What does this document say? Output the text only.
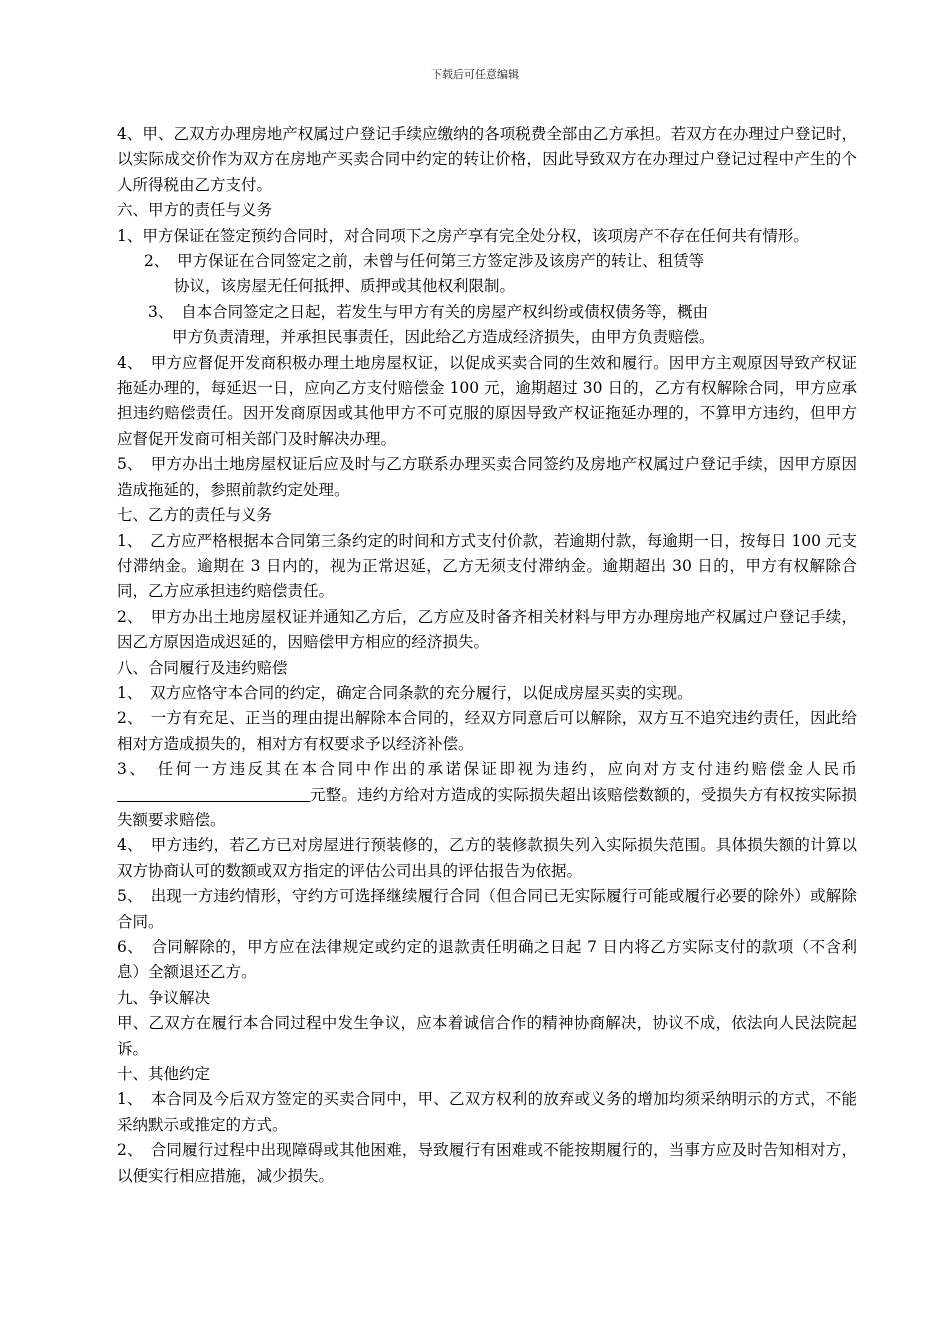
下载后可任意编辑

4、甲、乙双方办理房地产权属过户登记手续应缴纳的各项税费全部由乙方承担。若双方在办理过户登记时，以实际成交价作为双方在房地产买卖合同中约定的转让价格，因此导致双方在办理过户登记过程中产生的个人所得税由乙方支付。

六、甲方的责任与义务

1、甲方保证在签定预约合同时，对合同项下之房产享有完全处分权，该项房产不存在任何共有情形。

2、　甲方保证在合同签定之前，未曾与任何第三方签定涉及该房产的转让、租赁等
协议，该房屋无任何抵押、质押或其他权利限制。

3、　自本合同签定之日起，若发生与甲方有关的房屋产权纠纷或债权债务等，概由
甲方负责清理，并承担民事责任，因此给乙方造成经济损失，由甲方负责赔偿。

4、　甲方应督促开发商积极办理土地房屋权证，以促成买卖合同的生效和履行。因甲方主观原因导致产权证拖延办理的，每延迟一日，应向乙方支付赔偿金 100 元，逾期超过 30 日的，乙方有权解除合同，甲方应承担违约赔偿责任。因开发商原因或其他甲方不可克服的原因导致产权证拖延办理的，不算甲方违约，但甲方应督促开发商可相关部门及时解决办理。

5、　甲方办出土地房屋权证后应及时与乙方联系办理买卖合同签约及房地产权属过户登记手续，因甲方原因造成拖延的，参照前款约定处理。

七、乙方的责任与义务

1、　乙方应严格根据本合同第三条约定的时间和方式支付价款，若逾期付款，每逾期一日，按每日 100 元支付滞纳金。逾期在 3 日内的，视为正常迟延，乙方无须支付滞纳金。逾期超出 30 日的，甲方有权解除合同，乙方应承担违约赔偿责任。

2、　甲方办出土地房屋权证并通知乙方后，乙方应及时备齐相关材料与甲方办理房地产权属过户登记手续，因乙方原因造成迟延的，因赔偿甲方相应的经济损失。

八、合同履行及违约赔偿

1、　双方应恪守本合同的约定，确定合同条款的充分履行，以促成房屋买卖的实现。

2、　一方有充足、正当的理由提出解除本合同的，经双方同意后可以解除，双方互不追究违约责任，因此给相对方造成损失的，相对方有权要求予以经济补偿。

3、　任何一方违反其在本合同中作出的承诺保证即视为违约，应向对方支付违约赔偿金人民币元整。违约方给对方造成的实际损失超出该赔偿数额的，受损失方有权按实际损失额要求赔偿。

4、　甲方违约，若乙方已对房屋进行预装修的，乙方的装修款损失列入实际损失范围。具体损失额的计算以双方协商认可的数额或双方指定的评估公司出具的评估报告为依据。

5、　出现一方违约情形，守约方可选择继续履行合同（但合同已无实际履行可能或履行必要的除外）或解除合同。

6、　合同解除的，甲方应在法律规定或约定的退款责任明确之日起 7 日内将乙方实际支付的款项（不含利息）全额退还乙方。

九、争议解决

甲、乙双方在履行本合同过程中发生争议，应本着诚信合作的精神协商解决，协议不成，依法向人民法院起诉。

十、其他约定

1、　本合同及今后双方签定的买卖合同中，甲、乙双方权利的放弃或义务的增加均须采纳明示的方式，不能采纳默示或推定的方式。

2、　合同履行过程中出现障碍或其他困难，导致履行有困难或不能按期履行的，当事方应及时告知相对方，以便实行相应措施，减少损失。
